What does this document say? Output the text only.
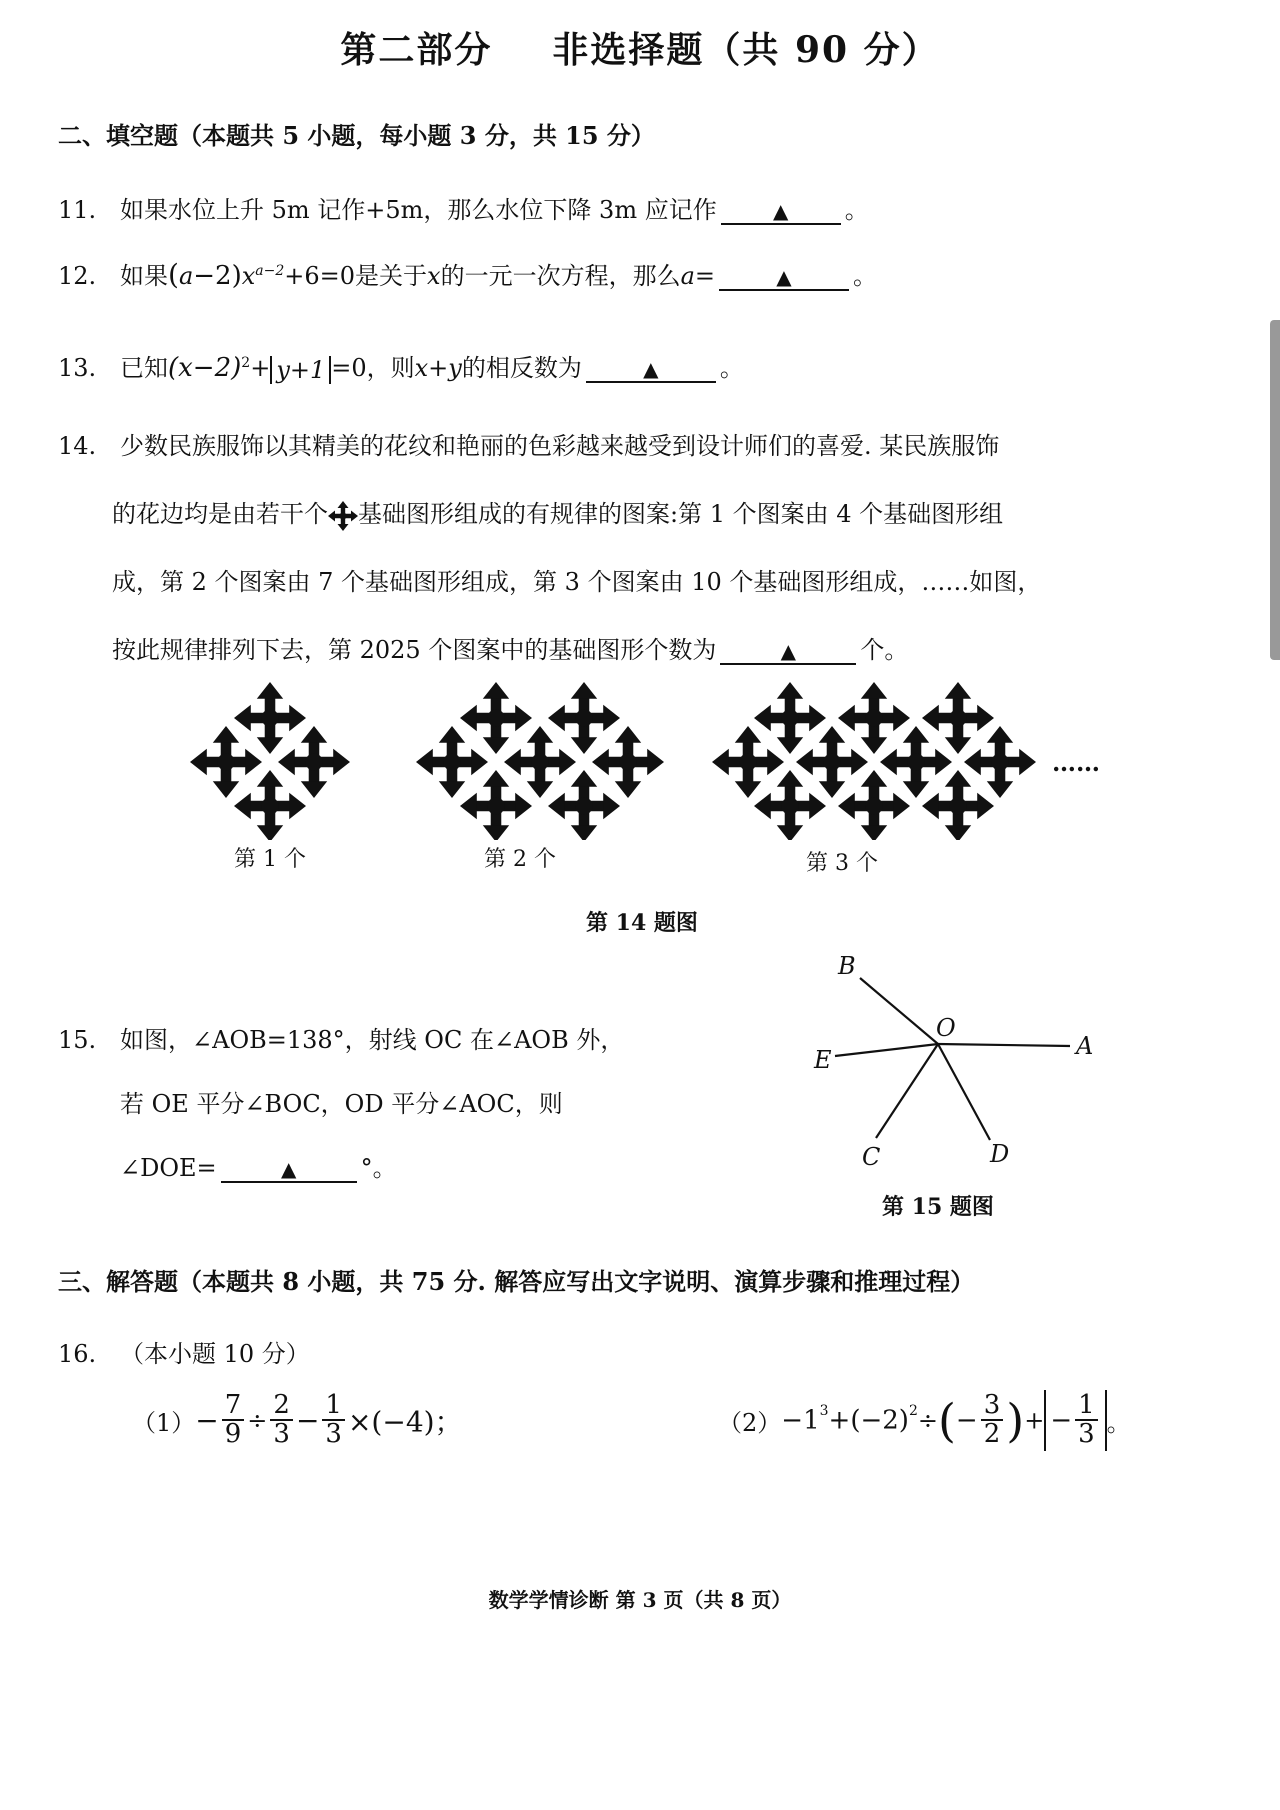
第二部分 非选择题（共 90 分）
二、填空题（本题共 5 小题，每小题 3 分，共 15 分）
11. 如果水位上升 5m 记作+5m，那么水位下降 3m 应记作	▲ 。
12. 如果$(a-2)x^{a-2}+6=0$是关于x的一元一次方程，那么a=	▲	。
13. 已知$(x-2)^2+ y+1 =0$，则x+y的相反数为	▲	。
14. 少数民族服饰以其精美的花纹和艳丽的色彩越来越受到设计师们的喜爱. 某民族服饰
的花边均是由若干个 基础图形组成的有规律的图案:第 1 个图案由 4 个基础图形组
成，第 2 个图案由 7 个基础图形组成，第 3 个图案由 10 个基础图形组成，……如图，
按此规律排列下去，第 2025 个图案中的基础图形个数为	▲	个。
……
第 1 个	第 2 个	第 3 个
第 14 题图
15. 如图，∠AOB=138°，射线 OC 在∠AOB 外，
若 OE 平分∠BOC，OD 平分∠AOC，则
∠DOE=	▲	°。
B
A
E
C	D
O
第 15 题图
三、解答题（本题共 8 小题，共 75 分. 解答应写出文字说明、演算步骤和推理过程）
16. （本小题 10 分）
$(1)- \frac{7}{9} \div \frac{2}{3} - \frac{1}{3} \times(-4)$；	$(2)-1^3+(-2)^2\div(- \frac{3}{2}$ )+ − $\frac{1}{3}$ 。
数学学情诊断 第 3 页（共 8 页）
